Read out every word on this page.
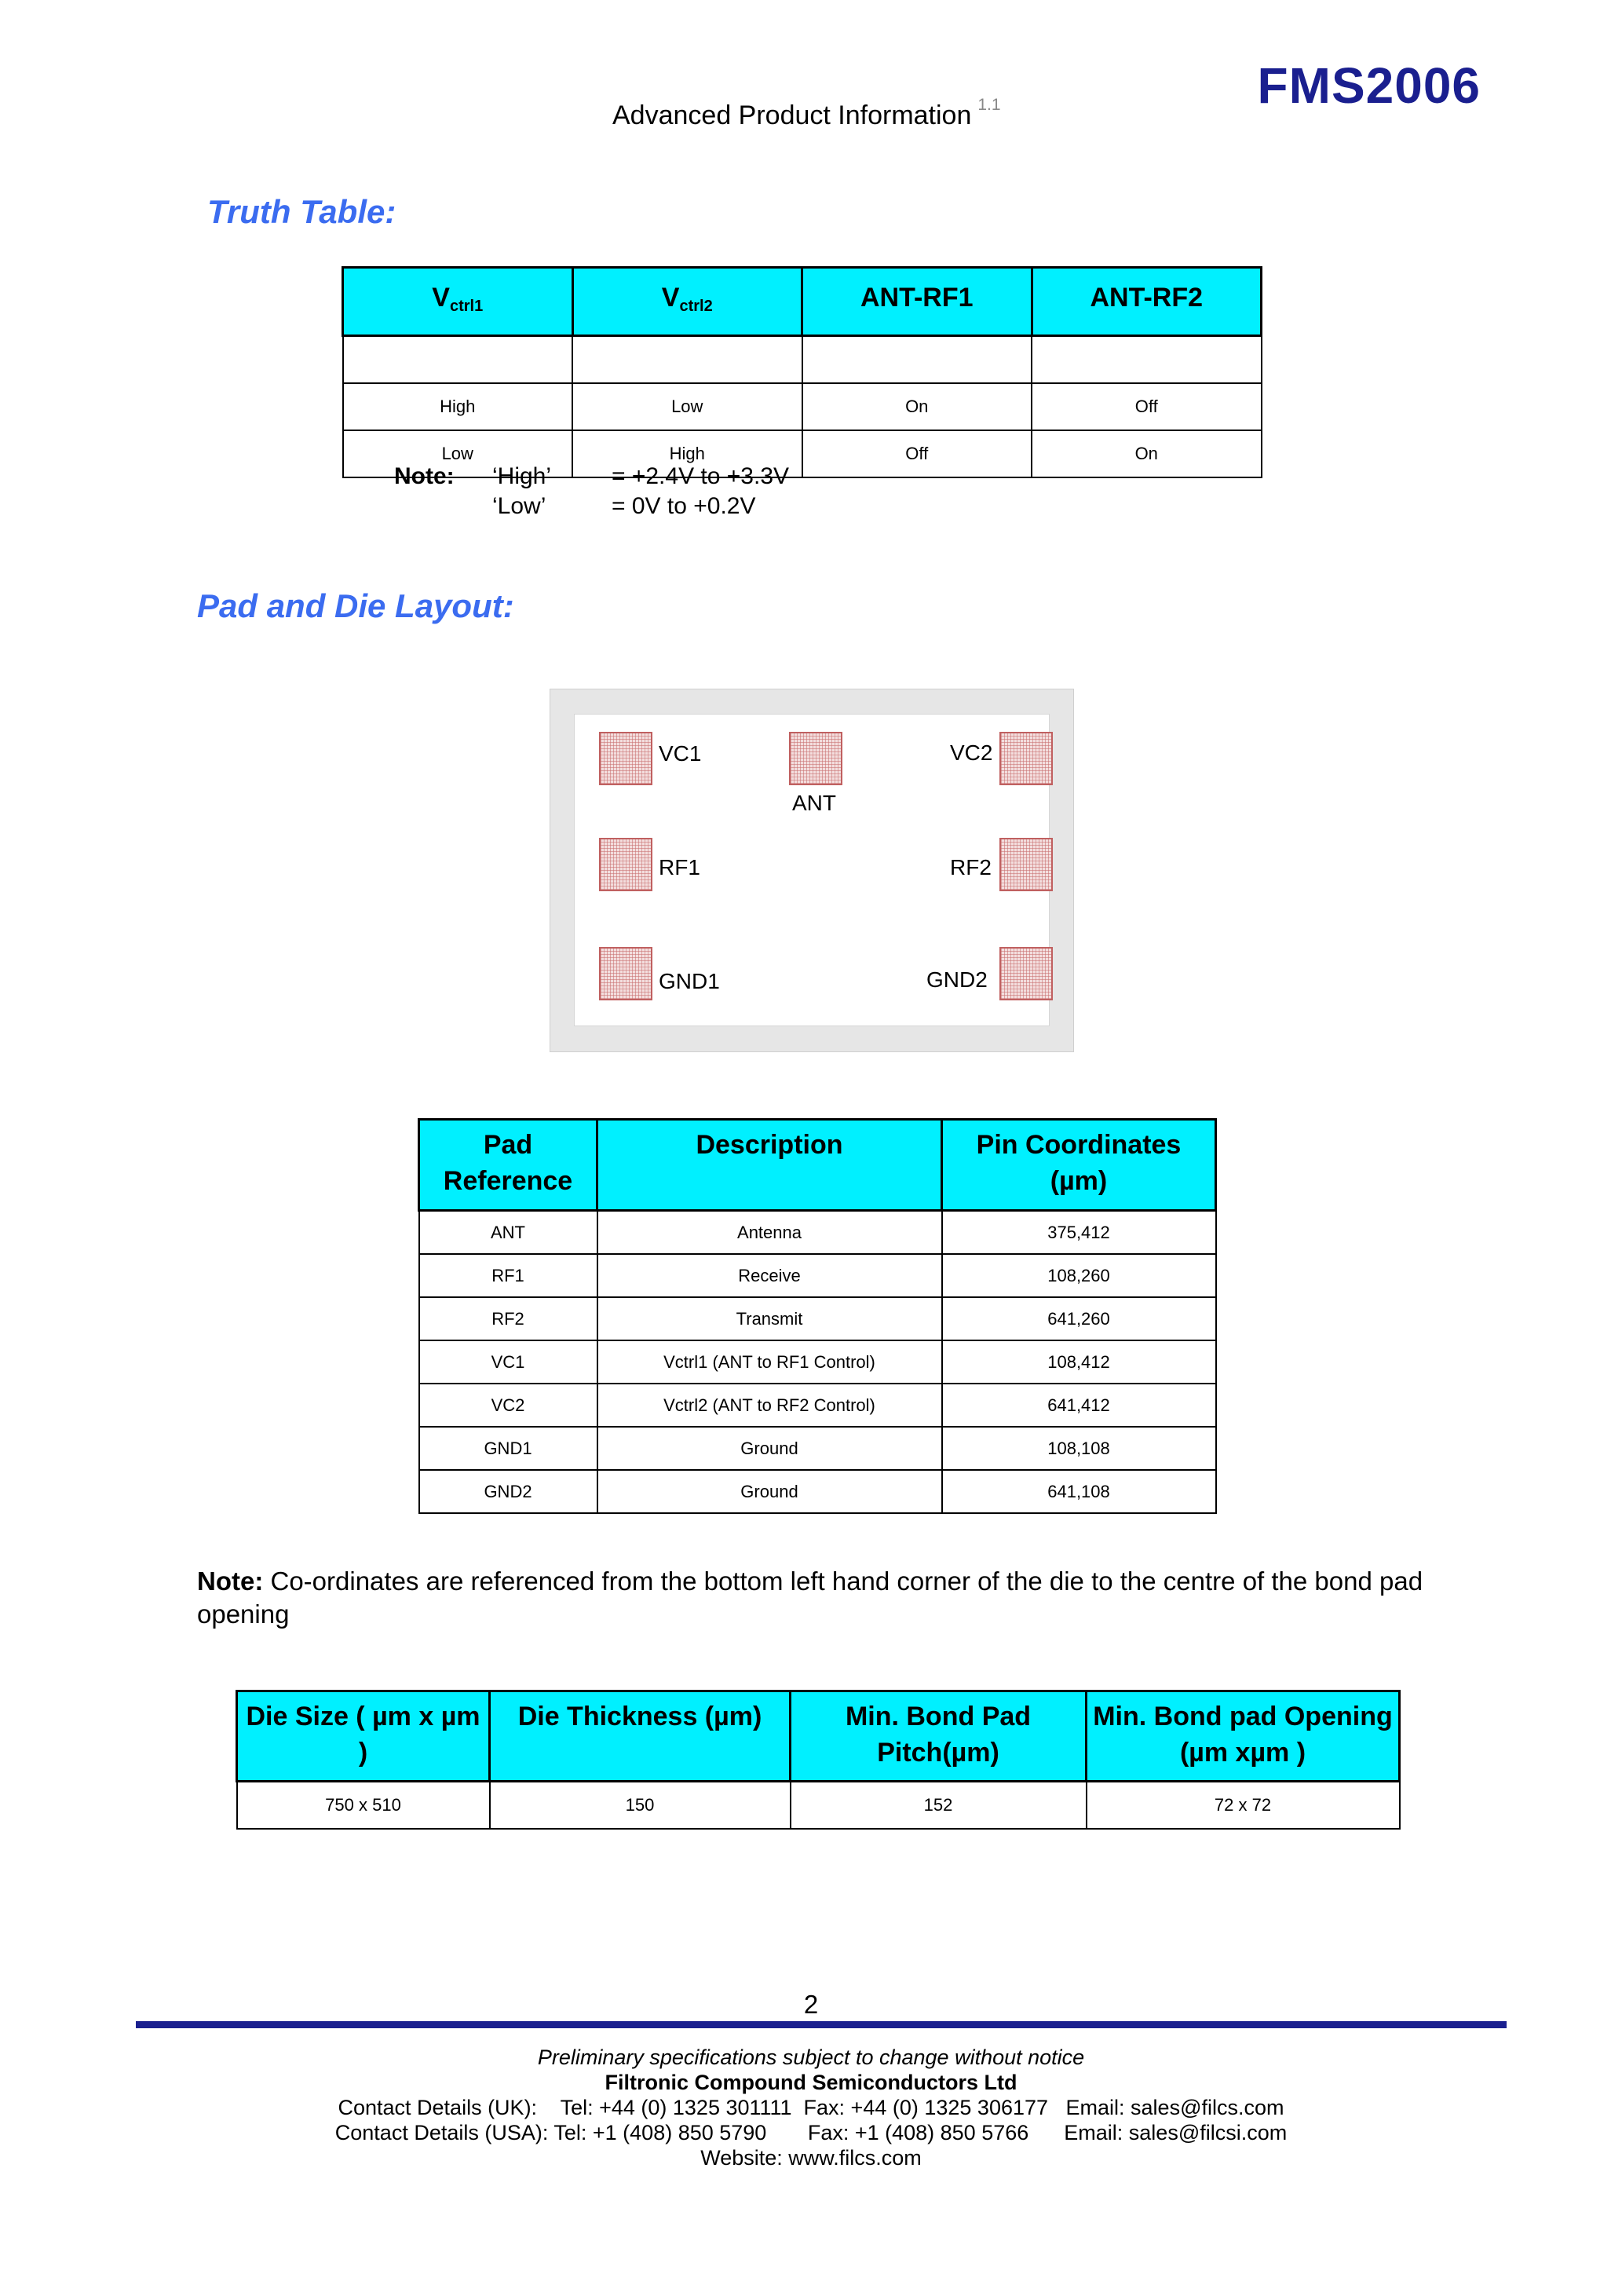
Advanced Product Information $^{1.1}$	FMS2006
Truth Table:
$V_{ctrl1}$	$V_{ctrl2}$	ANT-RF1	ANT-RF2

High	Low	On	Off
Low	High	Off	On
Note: ‘High’	= +2.4V to +3.3V
‘Low’	= 0V to +0.2V
Pad and Die Layout:
VC1
ANT
VC2
RF1	RF2
GND1	GND2
Pad Reference	Description	Pin Coordinates (µm)
ANT	Antenna	375,412
RF1	Receive	108,260
RF2	Transmit	641,260
VC1	Vctrl1 (ANT to RF1 Control)	108,412
VC2	Vctrl2 (ANT to RF2 Control)	641,412
GND1	Ground	108,108
GND2	Ground	641,108
Note: Co-ordinates are referenced from the bottom left hand corner of the die to the centre of the bond pad opening
Die Size ( µm x µm )	Die Thickness (µm)	Min. Bond Pad Pitch(µm)	Min. Bond pad Opening (µm xµm )
750 x 510	150	152	72 x 72
2
Preliminary specifications subject to change without notice
Filtronic Compound Semiconductors Ltd
Contact Details (UK):    Tel: +44 (0) 1325 301111  Fax: +44 (0) 1325 306177   Email: sales@filcs.com
Contact Details (USA): Tel: +1 (408) 850 5790       Fax: +1 (408) 850 5766      Email: sales@filcsi.com
Website: www.filcs.com
